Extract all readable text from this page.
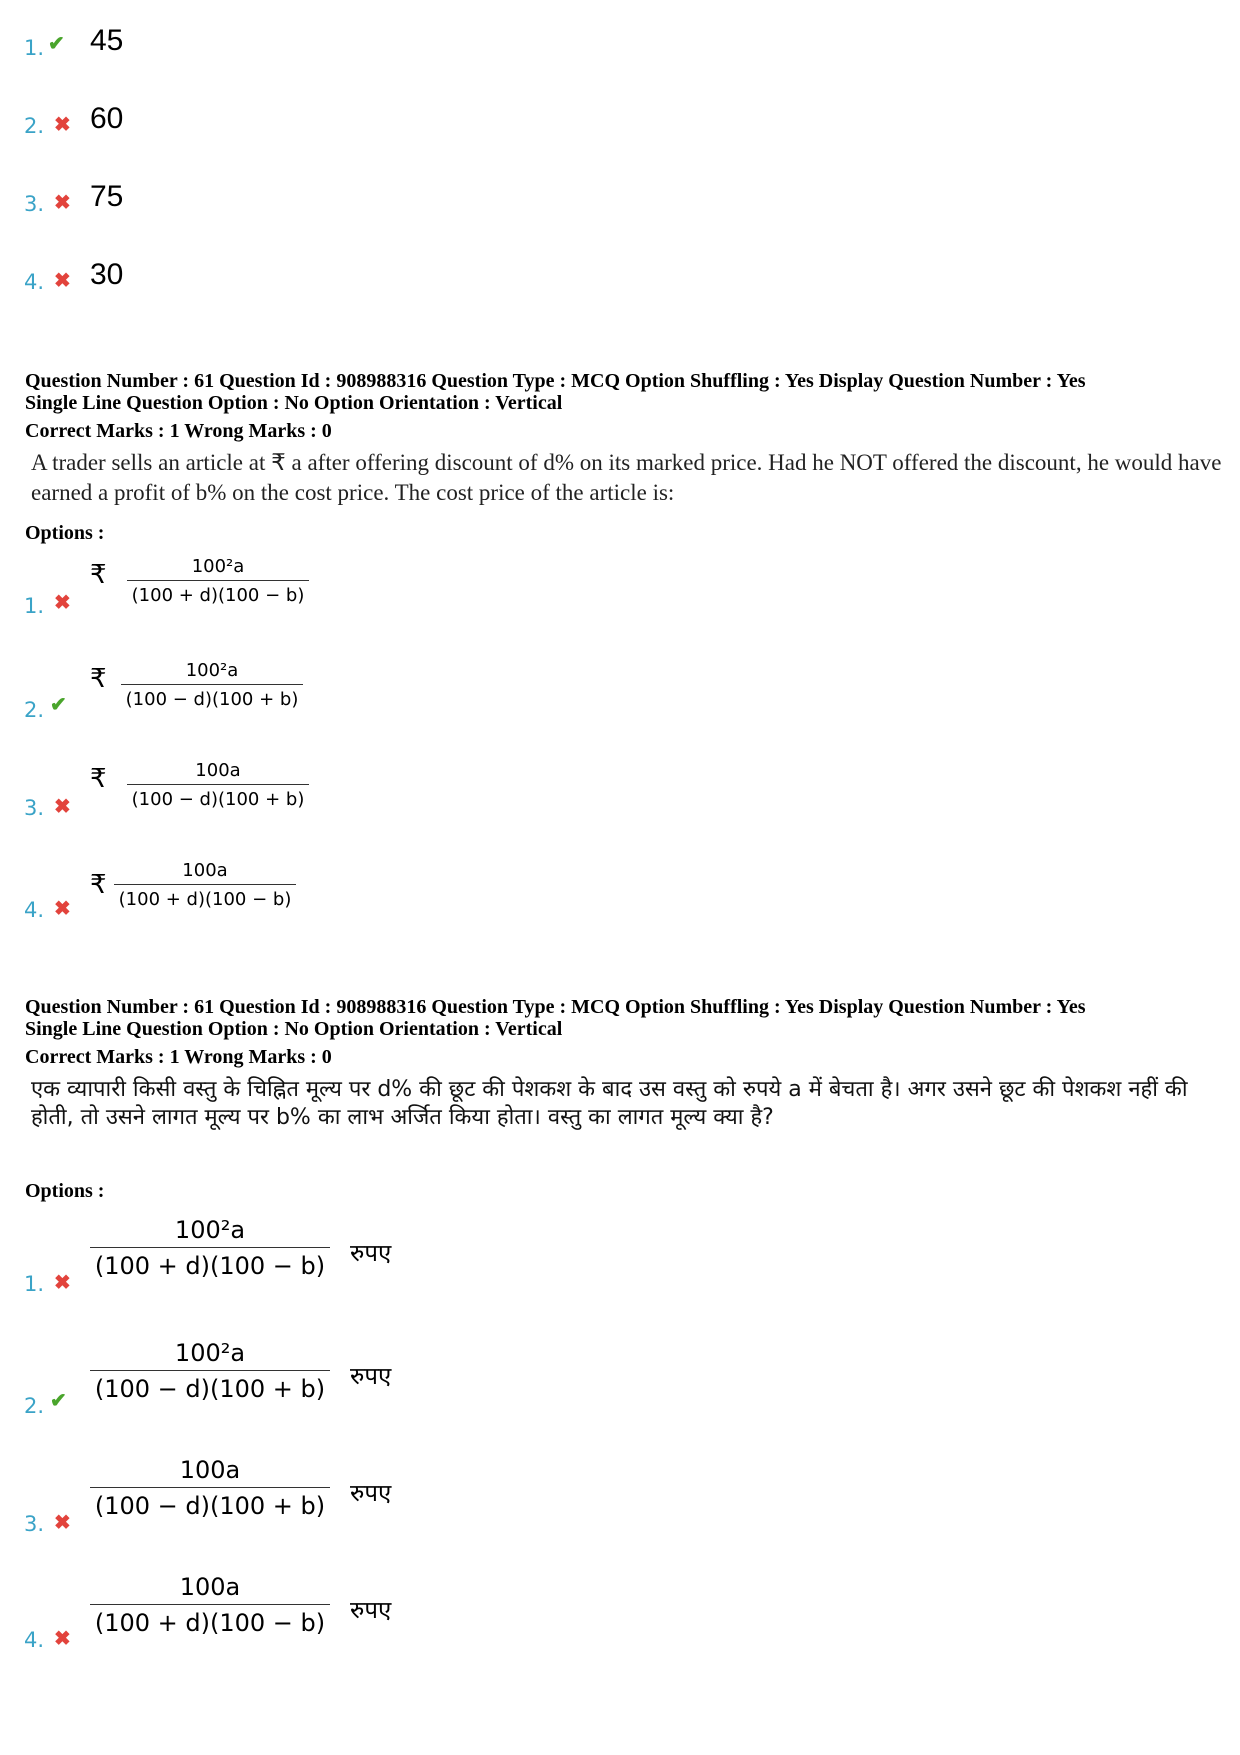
1. ✔ 45
2. ✖ 60
3. ✖ 75
4. ✖ 30
Question Number : 61 Question Id : 908988316 Question Type : MCQ Option Shuffling : Yes Display Question Number : Yes
Single Line Question Option : No Option Orientation : Vertical
Correct Marks : 1 Wrong Marks : 0
A trader sells an article at ₹ a after offering discount of d% on its marked price. Had he NOT offered the discount, he would have earned a profit of b% on the cost price. The cost price of the article is:
Options :
1. ✖
₹ $\frac{\text{100²a}}{(100 + d)(100 - b)}$
2. ✔
₹ $\frac{\text{100²a}}{(100 - d)(100 + b)}$
3. ✖
₹ $\frac{100a}{(100 - d)(100 + b)}$
4. ✖
₹ $\frac{100a}{(100 + d)(100 - b)}$
Question Number : 61 Question Id : 908988316 Question Type : MCQ Option Shuffling : Yes Display Question Number : Yes
Single Line Question Option : No Option Orientation : Vertical
Correct Marks : 1 Wrong Marks : 0
एक व्यापारी किसी वस्तु के चिह्नित मूल्य पर d% की छूट की पेशकश के बाद उस वस्तु को रुपये a में बेचता है। अगर उसने छूट की पेशकश नहीं की होती, तो उसने लागत मूल्य पर b% का लाभ अर्जित किया होता। वस्तु का लागत मूल्य क्या है?
Options :
1. ✖
$\frac{\text{100²a}}{(100 + d)(100 - b)}$ रुपए
2. ✔ $\frac{\text{100²a}}{(100 - d)(100 + b)}$ रुपए
3. ✖
$\frac{100a}{(100 - d)(100 + b)}$ रुपए
4. ✖
$\frac{100a}{(100 + d)(100 - b)}$ रुपए
